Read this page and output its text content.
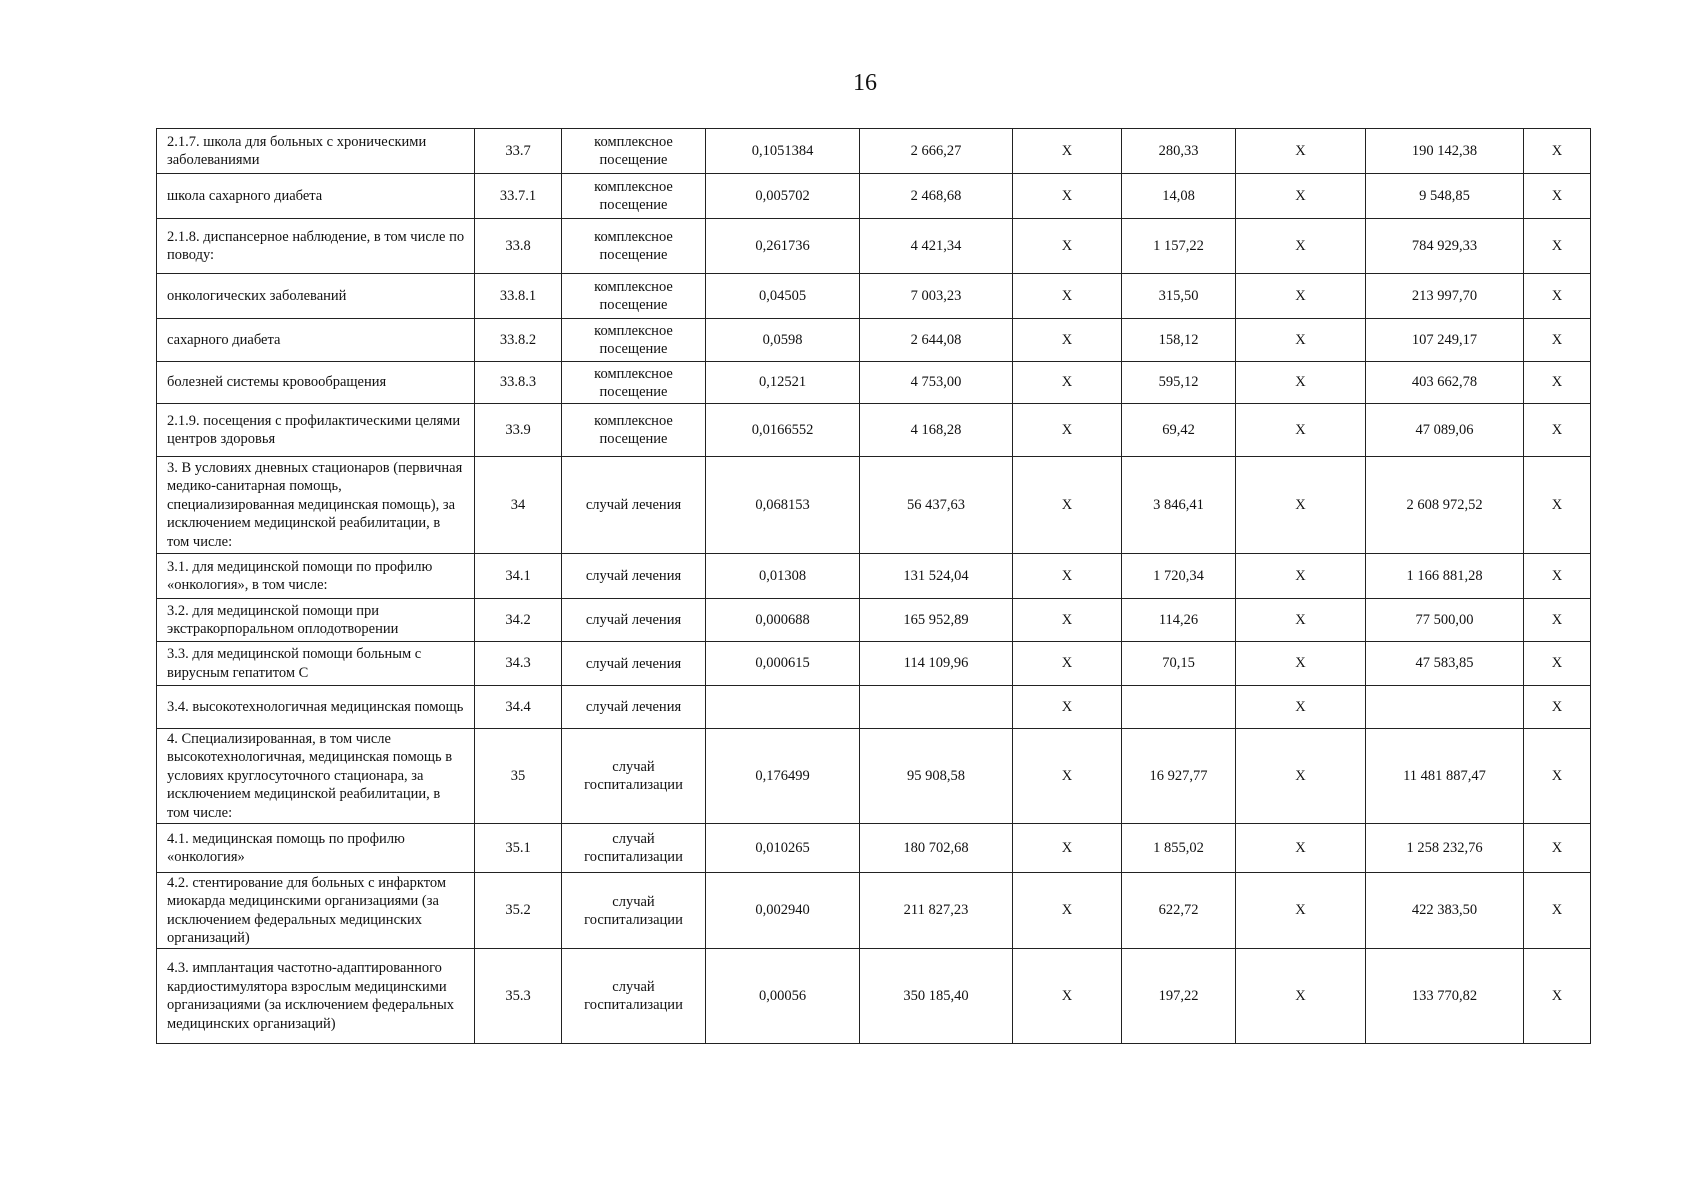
16
2.1.7. школа для больных с хроническими заболеваниями	33.7	комплексное посещение	0,1051384	2 666,27	Х	280,33	Х	190 142,38	Х
школа сахарного диабета	33.7.1	комплексное посещение	0,005702	2 468,68	Х	14,08	Х	9 548,85	Х
2.1.8. диспансерное наблюдение, в том числе по поводу:	33.8	комплексное посещение	0,261736	4 421,34	Х	1 157,22	Х	784 929,33	Х
онкологических заболеваний	33.8.1	комплексное посещение	0,04505	7 003,23	Х	315,50	Х	213 997,70	Х
сахарного диабета	33.8.2	комплексное посещение	0,0598	2 644,08	Х	158,12	Х	107 249,17	Х
болезней системы кровообращения	33.8.3	комплексное посещение	0,12521	4 753,00	Х	595,12	Х	403 662,78	Х
2.1.9. посещения с профилактическими целями центров здоровья	33.9	комплексное посещение	0,0166552	4 168,28	Х	69,42	Х	47 089,06	Х
3. В условиях дневных стационаров (первичная медико-санитарная помощь, специализированная медицинская помощь), за исключением медицинской реабилитации, в том числе:	34	случай лечения	0,068153	56 437,63	Х	3 846,41	Х	2 608 972,52	Х
3.1. для медицинской помощи по профилю «онкология», в том числе:	34.1	случай лечения	0,01308	131 524,04	Х	1 720,34	Х	1 166 881,28	Х
3.2. для медицинской помощи при экстракорпоральном оплодотворении	34.2	случай лечения	0,000688	165 952,89	Х	114,26	Х	77 500,00	Х
3.3. для медицинской помощи больным с вирусным гепатитом С	34.3	случай лечения	0,000615	114 109,96	Х	70,15	Х	47 583,85	Х
3.4. высокотехнологичная медицинская помощь	34.4	случай лечения			Х		Х		Х
4. Специализированная, в том числе высокотехнологичная, медицинская помощь в условиях круглосуточного стационара, за исключением медицинской реабилитации, в том числе:	35	случай госпитализации	0,176499	95 908,58	Х	16 927,77	Х	11 481 887,47	Х
4.1. медицинская помощь по профилю «онкология»	35.1	случай госпитализации	0,010265	180 702,68	Х	1 855,02	Х	1 258 232,76	Х
4.2. стентирование для больных с инфарктом миокарда медицинскими организациями (за исключением федеральных медицинских организаций)	35.2	случай госпитализации	0,002940	211 827,23	Х	622,72	Х	422 383,50	Х
4.3. имплантация частотно-адаптированного кардиостимулятора взрослым медицинскими организациями (за исключением федеральных медицинских организаций)	35.3	случай госпитализации	0,00056	350 185,40	Х	197,22	Х	133 770,82	Х
